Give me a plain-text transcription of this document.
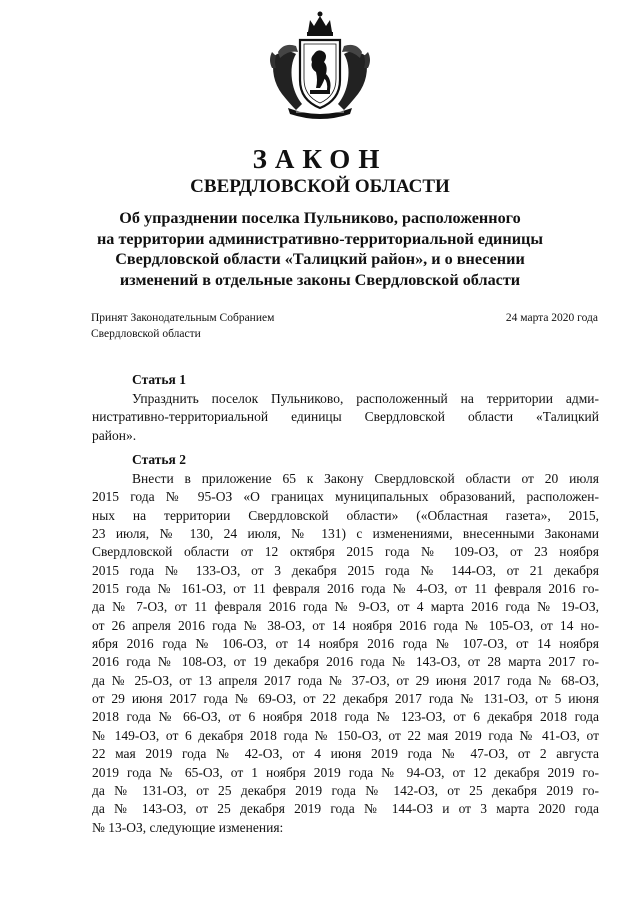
ЗАКОН
СВЕРДЛОВСКОЙ ОБЛАСТИ
Об упразднении поселка Пульниково, расположенного
на территории административно-территориальной единицы
Свердловской области «Талицкий район», и о внесении
изменений в отдельные законы Свердловской области
Принят Законодательным Собранием
Свердловской области
24 марта 2020 года
Статья 1
Упразднить поселок Пульниково, расположенный на территории адми-
нистративно-территориальной единицы Свердловской области «Талицкий
район».
Статья 2
Внести в приложение 65 к Закону Свердловской области от 20 июля
2015 года № 95-ОЗ «О границах муниципальных образований, расположен-
ных на территории Свердловской области» («Областная газета», 2015,
23 июля, № 130, 24 июля, № 131) с изменениями, внесенными Законами
Свердловской области от 12 октября 2015 года № 109-ОЗ, от 23 ноября
2015 года № 133-ОЗ, от 3 декабря 2015 года № 144-ОЗ, от 21 декабря
2015 года № 161-ОЗ, от 11 февраля 2016 года № 4-ОЗ, от 11 февраля 2016 го-
да № 7-ОЗ, от 11 февраля 2016 года № 9-ОЗ, от 4 марта 2016 года № 19-ОЗ,
от 26 апреля 2016 года № 38-ОЗ, от 14 ноября 2016 года № 105-ОЗ, от 14 но-
ября 2016 года № 106-ОЗ, от 14 ноября 2016 года № 107-ОЗ, от 14 ноября
2016 года № 108-ОЗ, от 19 декабря 2016 года № 143-ОЗ, от 28 марта 2017 го-
да № 25-ОЗ, от 13 апреля 2017 года № 37-ОЗ, от 29 июня 2017 года № 68-ОЗ,
от 29 июня 2017 года № 69-ОЗ, от 22 декабря 2017 года № 131-ОЗ, от 5 июня
2018 года № 66-ОЗ, от 6 ноября 2018 года № 123-ОЗ, от 6 декабря 2018 года
№ 149-ОЗ, от 6 декабря 2018 года № 150-ОЗ, от 22 мая 2019 года № 41-ОЗ, от
22 мая 2019 года № 42-ОЗ, от 4 июня 2019 года № 47-ОЗ, от 2 августа
2019 года № 65-ОЗ, от 1 ноября 2019 года № 94-ОЗ, от 12 декабря 2019 го-
да № 131-ОЗ, от 25 декабря 2019 года № 142-ОЗ, от 25 декабря 2019 го-
да № 143-ОЗ, от 25 декабря 2019 года № 144-ОЗ и от 3 марта 2020 года
№ 13-ОЗ, следующие изменения:
